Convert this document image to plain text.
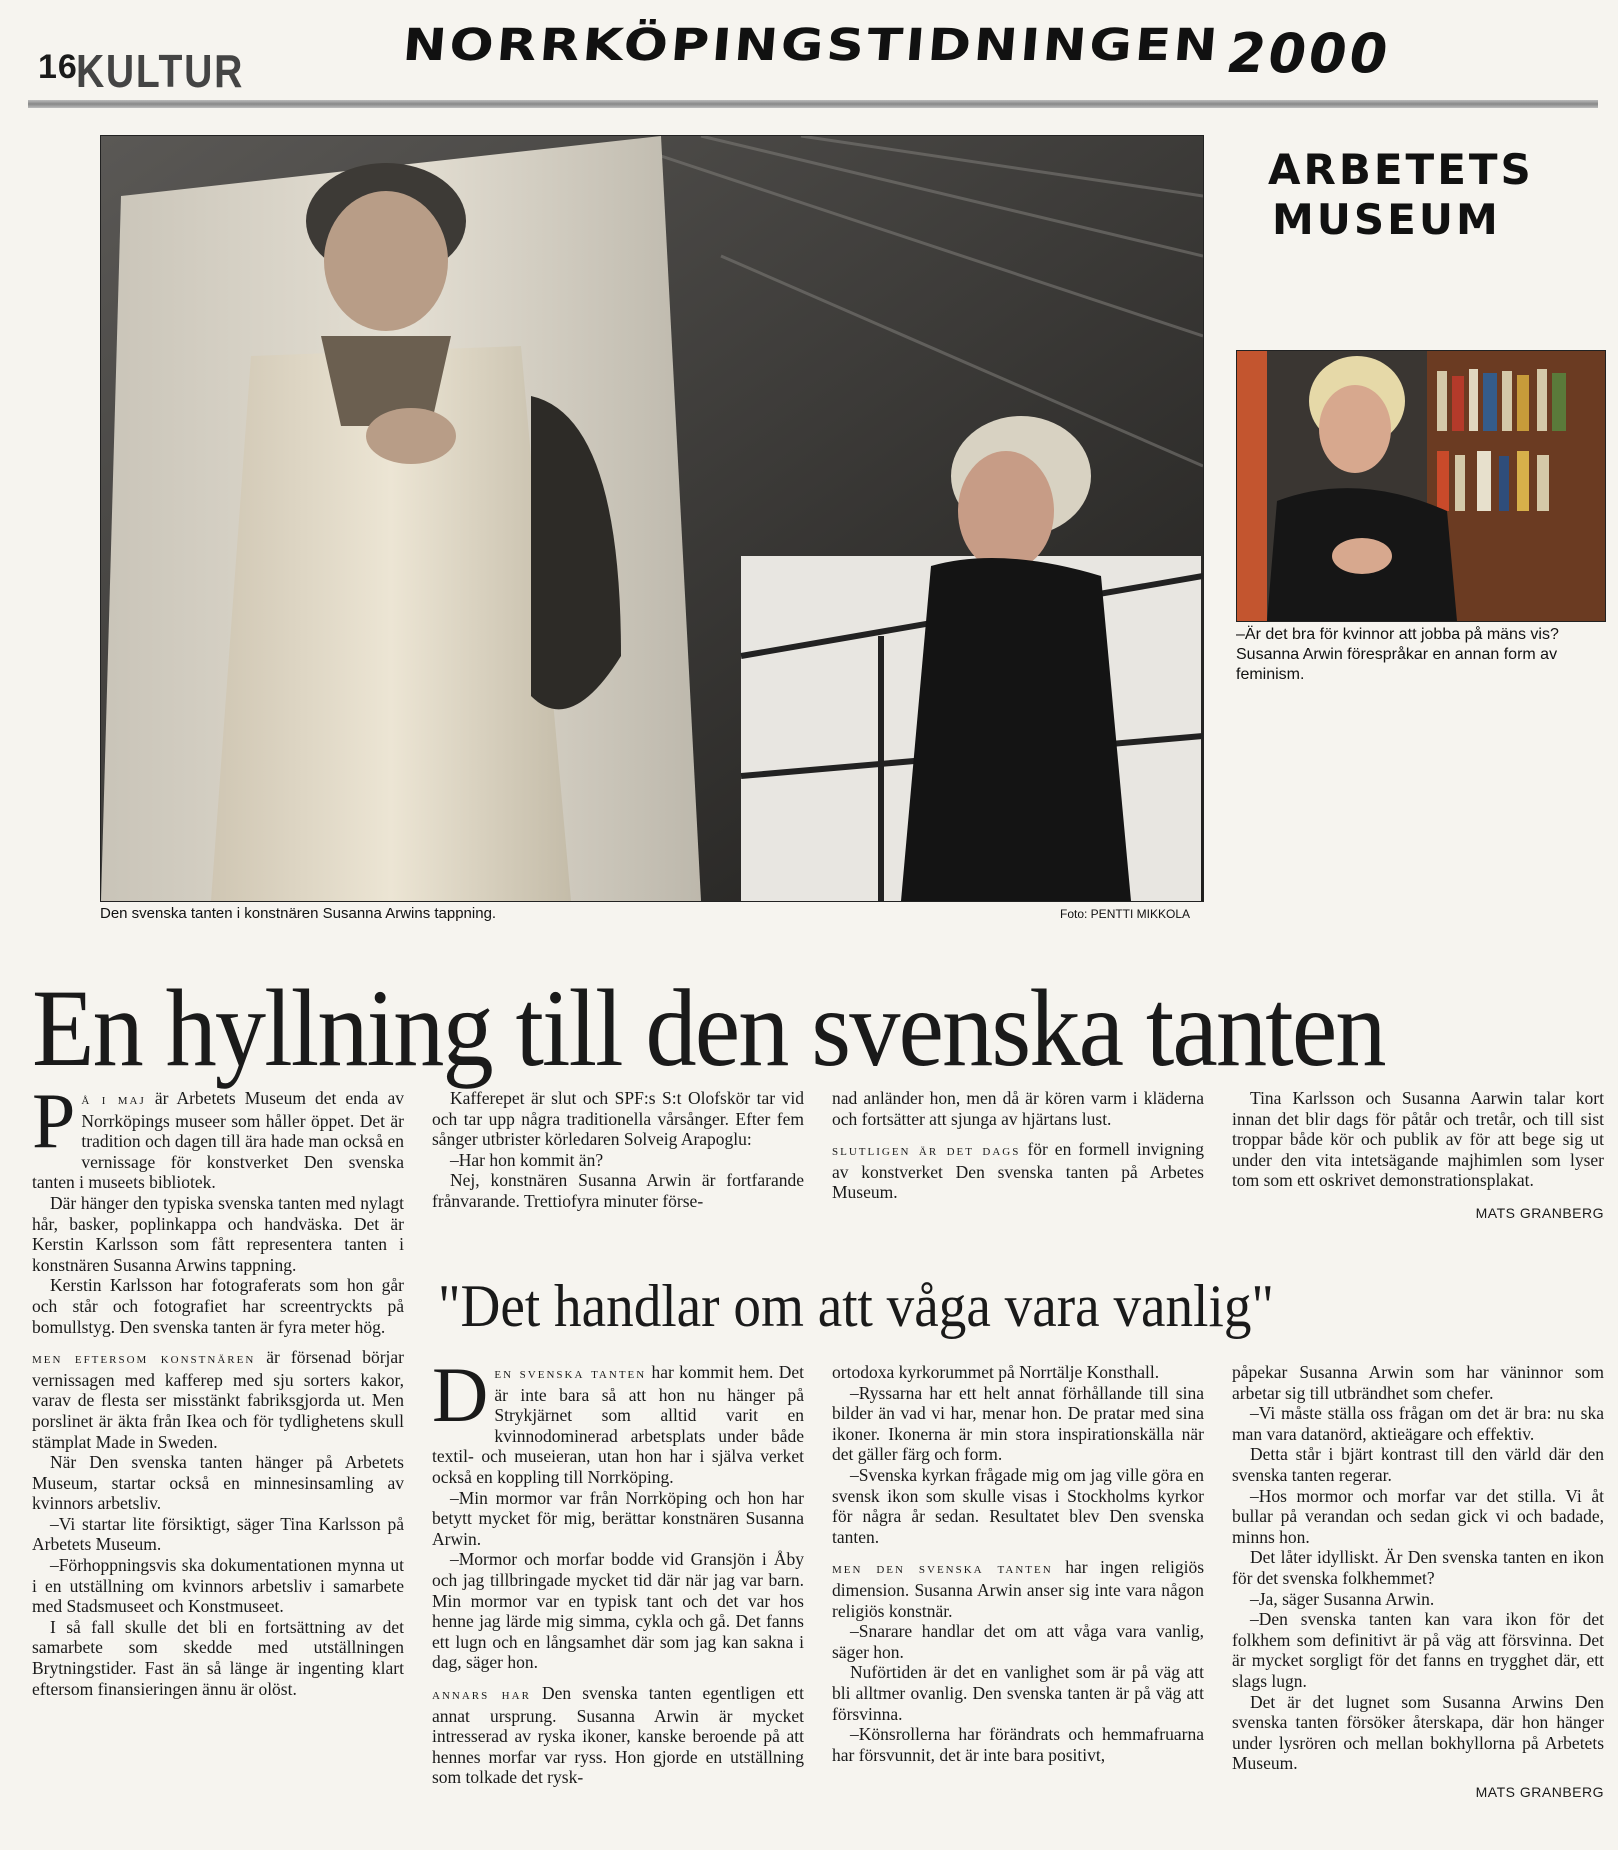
16
KULTUR	NORRKÖPINGSTIDNINGEN 2000
ARBETETS
MUSEUM
Den svenska tanten i konstnären Susanna Arwins tappning.	Foto: PENTTI MIKKOLA
–Är det bra för kvinnor att jobba på mäns vis? Susanna Arwin förespråkar en annan form av feminism.
En hyllning till den svenska tanten

På i maj är Arbetets Museum det enda av Norrköpings museer som håller öppet. Det är tradition och dagen till ära hade man också en vernissage för konstverket Den svenska tanten i museets bibliotek.

Där hänger den typiska svenska tanten med nylagt hår, basker, poplinkappa och handväska. Det är Kerstin Karlsson som fått representera tanten i konstnären Susanna Arwins tappning.

Kerstin Karlsson har fotograferats som hon går och står och fotografiet har screentryckts på bomullstyg. Den svenska tanten är fyra meter hög.

men eftersom konstnären är försenad börjar vernissagen med kafferep med sju sorters kakor, varav de flesta ser misstänkt fabriksgjorda ut. Men porslinet är äkta från Ikea och för tydlighetens skull stämplat Made in Sweden.

När Den svenska tanten hänger på Arbetets Museum, startar också en minnesinsamling av kvinnors arbetsliv.

–Vi startar lite försiktigt, säger Tina Karlsson på Arbetets Museum.

–Förhoppningsvis ska dokumentationen mynna ut i en utställning om kvinnors arbetsliv i samarbete med Stadsmuseet och Konstmuseet.

I så fall skulle det bli en fortsättning av det samarbete som skedde med utställningen Brytningstider. Fast än så länge är ingenting klart eftersom finansieringen ännu är olöst.

Kafferepet är slut och SPF:s S:t Olofskör tar vid och tar upp några traditionella vårsånger. Efter fem sånger utbrister körledaren Solveig Arapoglu:

–Har hon kommit än?

Nej, konstnären Susanna Arwin är fortfarande frånvarande. Trettiofyra minuter förse-

nad anländer hon, men då är kören varm i kläderna och fortsätter att sjunga av hjärtans lust.

slutligen är det dags för en formell invigning av konstverket Den svenska tanten på Arbetes Museum.

Tina Karlsson och Susanna Aarwin talar kort innan det blir dags för påtår och tretår, och till sist troppar både kör och publik av för att bege sig ut under den vita intetsägande majhimlen som lyser tom som ett oskrivet demonstrationsplakat.

MATS GRANBERG
"Det handlar om att våga vara vanlig"

Den svenska tanten har kommit hem. Det är inte bara så att hon nu hänger på Strykjärnet som alltid varit en kvinnodominerad arbetsplats under både textil- och museieran, utan hon har i själva verket också en koppling till Norrköping.

–Min mormor var från Norrköping och hon har betytt mycket för mig, berättar konstnären Susanna Arwin.

–Mormor och morfar bodde vid Gransjön i Åby och jag tillbringade mycket tid där när jag var barn. Min mormor var en typisk tant och det var hos henne jag lärde mig simma, cykla och gå. Det fanns ett lugn och en långsamhet där som jag kan sakna i dag, säger hon.

annars har Den svenska tanten egentligen ett annat ursprung. Susanna Arwin är mycket intresserad av ryska ikoner, kanske beroende på att hennes morfar var ryss. Hon gjorde en utställning som tolkade det rysk-

ortodoxa kyrkorummet på Norrtälje Konsthall.

–Ryssarna har ett helt annat förhållande till sina bilder än vad vi har, menar hon. De pratar med sina ikoner. Ikonerna är min stora inspirationskälla när det gäller färg och form.

–Svenska kyrkan frågade mig om jag ville göra en svensk ikon som skulle visas i Stockholms kyrkor för några år sedan. Resultatet blev Den svenska tanten.

men den svenska tanten har ingen religiös dimension. Susanna Arwin anser sig inte vara någon religiös konstnär.

–Snarare handlar det om att våga vara vanlig, säger hon.

Nuförtiden är det en vanlighet som är på väg att bli alltmer ovanlig. Den svenska tanten är på väg att försvinna.

–Könsrollerna har förändrats och hemmafruarna har försvunnit, det är inte bara positivt,

påpekar Susanna Arwin som har väninnor som arbetar sig till utbrändhet som chefer.

–Vi måste ställa oss frågan om det är bra: nu ska man vara datanörd, aktieägare och effektiv.

Detta står i bjärt kontrast till den värld där den svenska tanten regerar.

–Hos mormor och morfar var det stilla. Vi åt bullar på verandan och sedan gick vi och badade, minns hon.

Det låter idylliskt. Är Den svenska tanten en ikon för det svenska folkhemmet?

–Ja, säger Susanna Arwin.

–Den svenska tanten kan vara ikon för det folkhem som definitivt är på väg att försvinna. Det är mycket sorgligt för det fanns en trygghet där, ett slags lugn.

Det är det lugnet som Susanna Arwins Den svenska tanten försöker återskapa, där hon hänger under lysrören och mellan bokhyllorna på Arbetets Museum.

MATS GRANBERG
